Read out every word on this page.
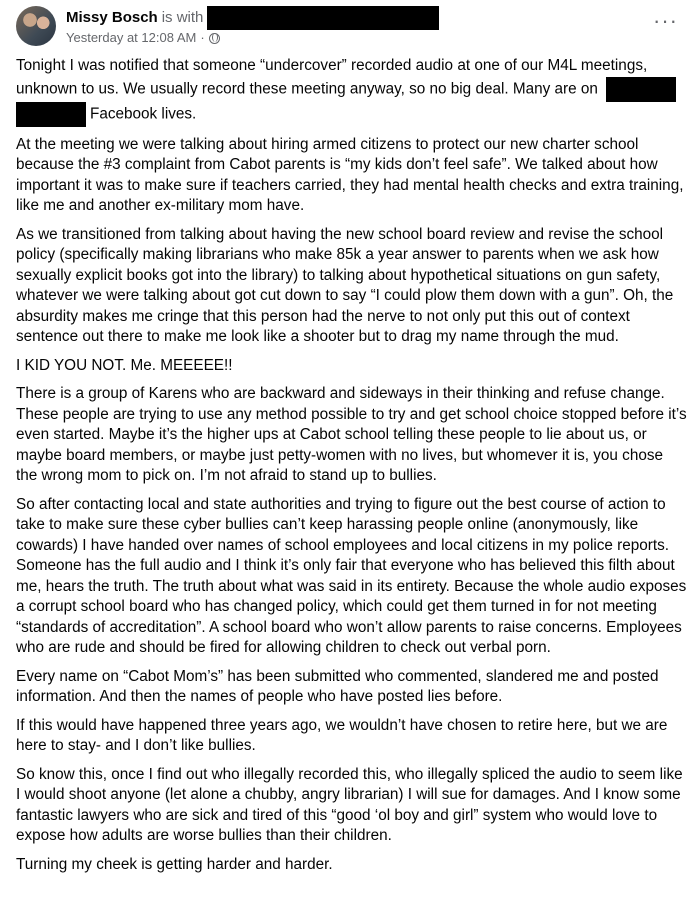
Missy Bosch is with
Yesterday at 12:08 AM ·
···

Tonight I was notified that someone “undercover” recorded audio at one of our M4L meetings, unknown to us. We usually record these meeting anyway, so no big deal. Many are on
Facebook lives.

At the meeting we were talking about hiring armed citizens to protect our new charter school because the #3 complaint from Cabot parents is “my kids don’t feel safe”. We talked about how important it was to make sure if teachers carried, they had mental health checks and extra training, like me and another ex-military mom have.

As we transitioned from talking about having the new school board review and revise the school policy (specifically making librarians who make 85k a year answer to parents when we ask how sexually explicit books got into the library) to talking about hypothetical situations on gun safety, whatever we were talking about got cut down to say “I could plow them down with a gun”. Oh, the absurdity makes me cringe that this person had the nerve to not only put this out of context sentence out there to make me look like a shooter but to drag my name through the mud.

I KID YOU NOT. Me. MEEEEE!!

There is a group of Karens who are backward and sideways in their thinking and refuse change. These people are trying to use any method possible to try and get school choice stopped before it’s even started. Maybe it’s the higher ups at Cabot school telling these people to lie about us, or maybe board members, or maybe just petty-women with no lives, but whomever it is, you chose the wrong mom to pick on. I’m not afraid to stand up to bullies.

So after contacting local and state authorities and trying to figure out the best course of action to take to make sure these cyber bullies can’t keep harassing people online (anonymously, like cowards) I have handed over names of school employees and local citizens in my police reports. Someone has the full audio and I think it’s only fair that everyone who has believed this filth about me, hears the truth. The truth about what was said in its entirety. Because the whole audio exposes a corrupt school board who has changed policy, which could get them turned in for not meeting “standards of accreditation”. A school board who won’t allow parents to raise concerns. Employees who are rude and should be fired for allowing children to check out verbal porn.

Every name on “Cabot Mom’s” has been submitted who commented, slandered me and posted information. And then the names of people who have posted lies before.

If this would have happened three years ago, we wouldn’t have chosen to retire here, but we are here to stay- and I don’t like bullies.

So know this, once I find out who illegally recorded this, who illegally spliced the audio to seem like I would shoot anyone (let alone a chubby, angry librarian) I will sue for damages. And I know some fantastic lawyers who are sick and tired of this “good ‘ol boy and girl” system who would love to expose how adults are worse bullies than their children.

Turning my cheek is getting harder and harder.
